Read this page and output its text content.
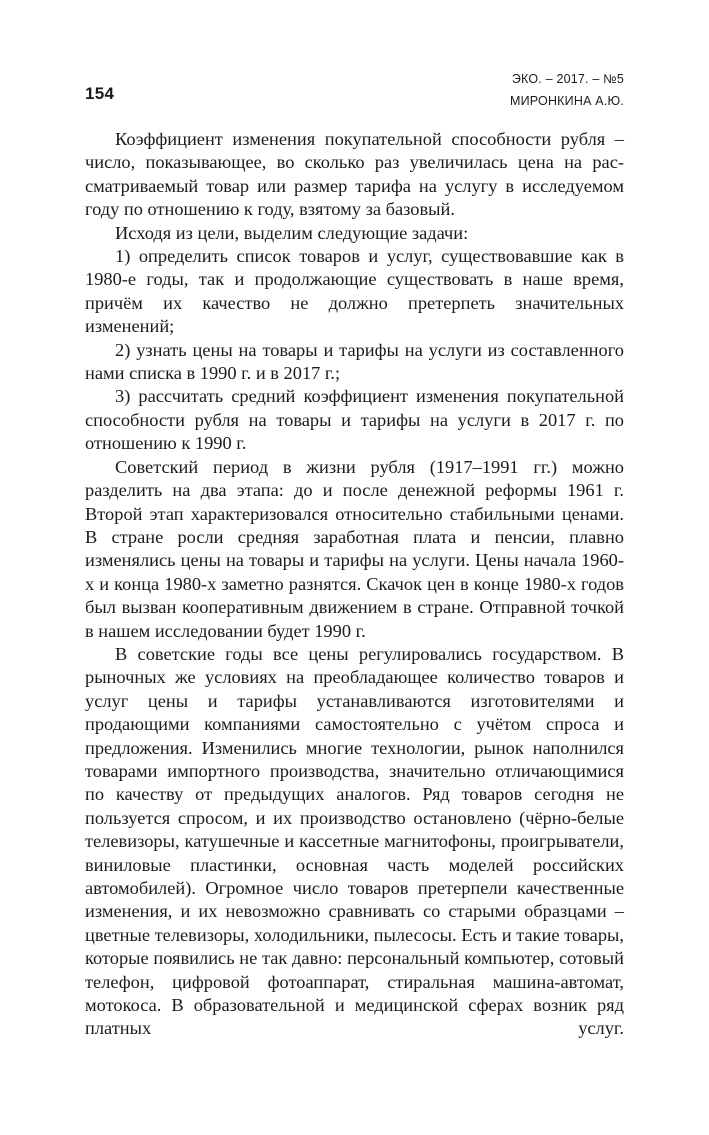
154
ЭКО. – 2017. – №5
МИРОНКИНА А.Ю.

Коэффициент изменения покупательной способности рубля – число, показывающее, во сколько раз увеличилась цена на рассматриваемый товар или размер тарифа на услугу в исследуемом году по отношению к году, взятому за базовый.

Исходя из цели, выделим следующие задачи:

1) определить список товаров и услуг, существовавшие как в 1980-е годы, так и продолжающие существовать в наше время, причём их качество не должно претерпеть значительных изменений;

2) узнать цены на товары и тарифы на услуги из составленного нами списка в 1990 г. и в 2017 г.;

3) рассчитать средний коэффициент изменения покупательной способности рубля на товары и тарифы на услуги в 2017 г. по отношению к 1990 г.

Советский период в жизни рубля (1917–1991 гг.) можно разделить на два этапа: до и после денежной реформы 1961 г. Второй этап характеризовался относительно стабильными ценами. В стране росли средняя заработная плата и пенсии, плавно изменялись цены на товары и тарифы на услуги. Цены начала 1960-х и конца 1980-х заметно разнятся. Скачок цен в конце 1980-х годов был вызван кооперативным движением в стране. Отправной точкой в нашем исследовании будет 1990 г.

В советские годы все цены регулировались государством. В рыночных же условиях на преобладающее количество товаров и услуг цены и тарифы устанавливаются изготовителями и продающими компаниями самостоятельно с учётом спроса и предложения. Изменились многие технологии, рынок наполнился товарами импортного производства, значительно отличающимися по качеству от предыдущих аналогов. Ряд товаров сегодня не пользуется спросом, и их производство остановлено (чёрно-белые телевизоры, катушечные и кассетные магнитофоны, проигрыватели, виниловые пластинки, основная часть моделей российских автомобилей). Огромное число товаров претерпели качественные изменения, и их невозможно сравнивать со старыми образцами – цветные телевизоры, холодильники, пылесосы. Есть и такие товары, которые появились не так давно: персональный компьютер, сотовый телефон, цифровой фотоаппарат, стиральная машина-автомат, мотокоса. В образовательной и медицинской сферах возник ряд платных услуг.
